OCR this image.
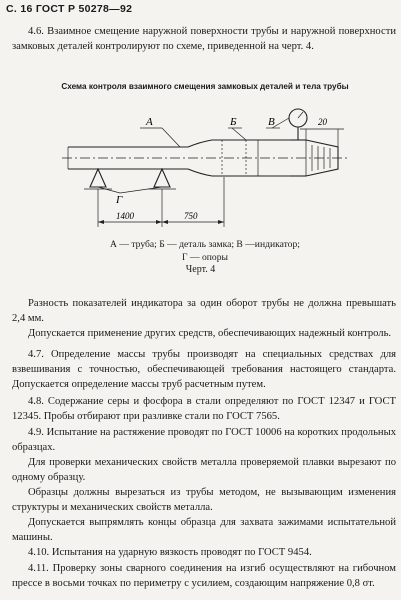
С. 16 ГОСТ Р 50278—92

4.6. Взаимное смещение наружной поверхности трубы и наружной поверхности замковых деталей контролируют по схеме, приведенной на черт. 4.

Схема контроля взаимного смещения замковых деталей и тела трубы
А	Б	В
Г
1400	750
20
А — труба; Б — деталь замка; В —индикатор;
Г — опоры
Черт. 4

Разность показателей индикатора за один оборот трубы не должна превышать 2,4 мм.

Допускается применение других средств, обеспечивающих надежный контроль.

4.7. Определение массы трубы производят на специальных средствах для взвешивания с точностью, обеспечивающей требования настоящего стандарта. Допускается определение массы труб расчетным путем.

4.8. Содержание серы и фосфора в стали определяют по ГОСТ 12347 и ГОСТ 12345. Пробы отбирают при разливке стали по ГОСТ 7565.

4.9. Испытание на растяжение проводят по ГОСТ 10006 на коротких продольных образцах.

Для проверки механических свойств металла проверяемой плавки вырезают по одному образцу.

Образцы должны вырезаться из трубы методом, не вызывающим изменения структуры и механических свойств металла.

Допускается выпрямлять концы образца для захвата зажимами испытательной машины.

4.10. Испытания на ударную вязкость проводят по ГОСТ 9454.

4.11. Проверку зоны сварного соединения на изгиб осуществляют на гибочном прессе в восьми точках по периметру с усилием, создающим напряжение 0,8 σт.
